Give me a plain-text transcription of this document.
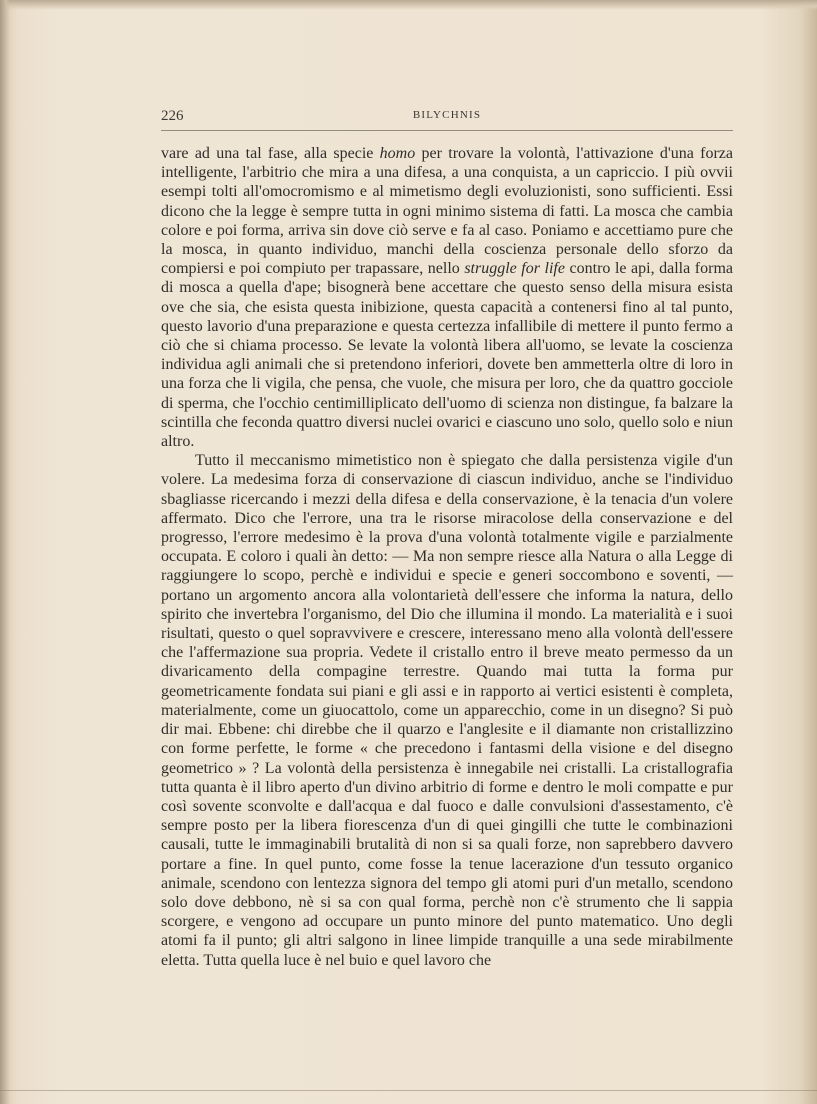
226	BILYCHNIS

vare ad una tal fase, alla specie homo per trovare la volontà, l'attivazione d'una forza intelligente, l'arbitrio che mira a una difesa, a una conquista, a un capriccio. I più ovvii esempi tolti all'omocromismo e al mimetismo degli evoluzionisti, sono sufficienti. Essi dicono che la legge è sempre tutta in ogni minimo sistema di fatti. La mosca che cambia colore e poi forma, arriva sin dove ciò serve e fa al caso. Poniamo e accettiamo pure che la mosca, in quanto individuo, manchi della coscienza personale dello sforzo da compiersi e poi compiuto per trapassare, nello struggle for life contro le api, dalla forma di mosca a quella d'ape; bisognerà bene accettare che questo senso della misura esista ove che sia, che esista questa inibizione, questa capacità a contenersi fino al tal punto, questo lavorio d'una preparazione e questa certezza infallibile di mettere il punto fermo a ciò che si chiama processo. Se levate la volontà libera all'uomo, se levate la coscienza individua agli animali che si pretendono inferiori, dovete ben ammetterla oltre di loro in una forza che li vigila, che pensa, che vuole, che misura per loro, che da quattro gocciole di sperma, che l'occhio centimilliplicato dell'uomo di scienza non distingue, fa balzare la scintilla che feconda quattro diversi nuclei ovarici e ciascuno uno solo, quello solo e niun altro.

Tutto il meccanismo mimetistico non è spiegato che dalla persistenza vigile d'un volere. La medesima forza di conservazione di ciascun individuo, anche se l'individuo sbagliasse ricercando i mezzi della difesa e della conservazione, è la tenacia d'un volere affermato. Dico che l'errore, una tra le risorse miracolose della conservazione e del progresso, l'errore medesimo è la prova d'una volontà totalmente vigile e parzialmente occupata. E coloro i quali àn detto: — Ma non sempre riesce alla Natura o alla Legge di raggiungere lo scopo, perchè e individui e specie e generi soccombono e soventi, — portano un argomento ancora alla volontarietà dell'essere che informa la natura, dello spirito che invertebra l'organismo, del Dio che illumina il mondo. La materialità e i suoi risultati, questo o quel sopravvivere e crescere, interessano meno alla volontà dell'essere che l'affermazione sua propria. Vedete il cristallo entro il breve meato permesso da un divaricamento della compagine terrestre. Quando mai tutta la forma pur geometricamente fondata sui piani e gli assi e in rapporto ai vertici esistenti è completa, materialmente, come un giuocattolo, come un apparecchio, come in un disegno? Si può dir mai. Ebbene: chi direbbe che il quarzo e l'anglesite e il diamante non cristallizzino con forme perfette, le forme « che precedono i fantasmi della visione e del disegno geometrico » ? La volontà della persistenza è innegabile nei cristalli. La cristallografia tutta quanta è il libro aperto d'un divino arbitrio di forme e dentro le moli compatte e pur così sovente sconvolte e dall'acqua e dal fuoco e dalle convulsioni d'assestamento, c'è sempre posto per la libera fiorescenza d'un di quei gingilli che tutte le combinazioni causali, tutte le immaginabili brutalità di non si sa quali forze, non saprebbero davvero portare a fine. In quel punto, come fosse la tenue lacerazione d'un tessuto organico animale, scendono con lentezza signora del tempo gli atomi puri d'un metallo, scendono solo dove debbono, nè si sa con qual forma, perchè non c'è strumento che li sappia scorgere, e vengono ad occupare un punto minore del punto matematico. Uno degli atomi fa il punto; gli altri salgono in linee limpide tranquille a una sede mirabilmente eletta. Tutta quella luce è nel buio e quel lavoro che
